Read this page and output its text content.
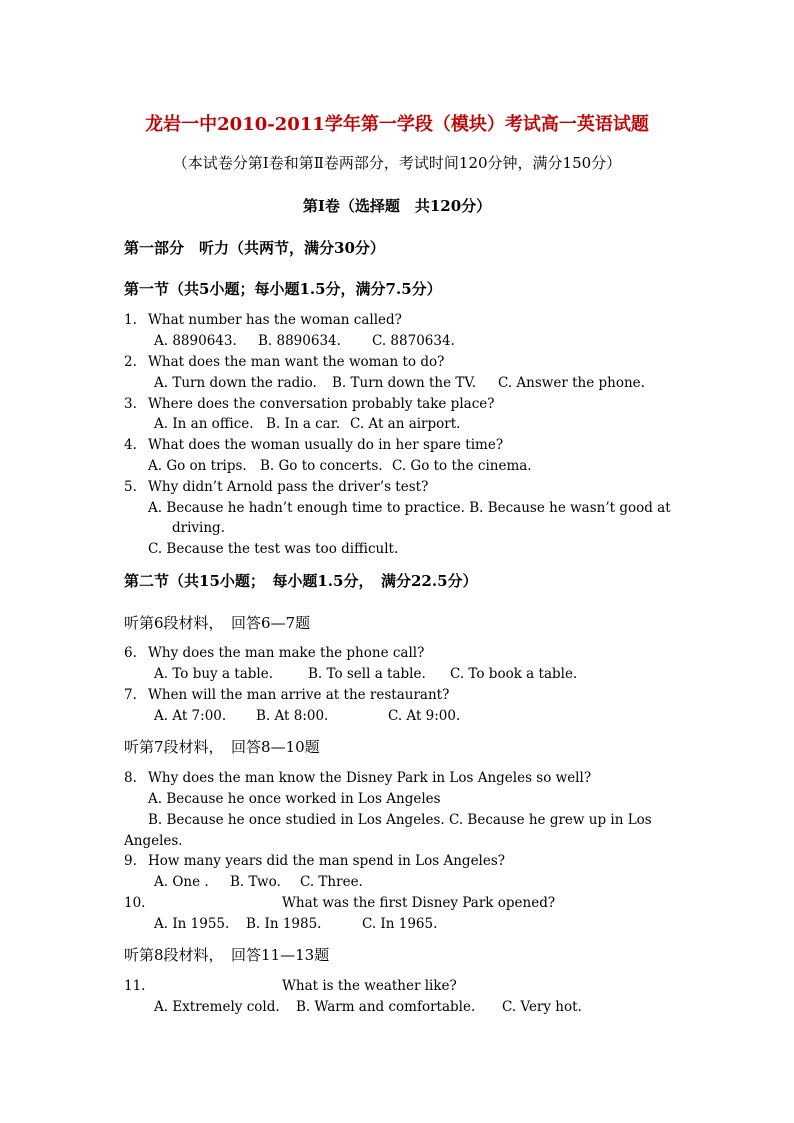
龙岩一中2010-2011学年第一学段（模块）考试高一英语试题
（本试卷分第Ⅰ卷和第Ⅱ卷两部分，考试时间120分钟，满分150分）
第Ⅰ卷（选择题　共120分）
第一部分　听力（共两节，满分30分）
第一节（共5小题；每小题1.5分，满分7.5分）
1. What number has the woman called?
A. 8890643. B. 8890634. C. 8870634.
2. What does the man want the woman to do?
A. Turn down the radio. B. Turn down the TV. C. Answer the phone.
3. Where does the conversation probably take place?
A. In an office. B. In a car. C. At an airport.
4. What does the woman usually do in her spare time?
A. Go on trips. B. Go to concerts. C. Go to the cinema.
5. Why didn’t Arnold pass the driver’s test?
A. Because he hadn’t enough time to practice. B. Because he wasn’t good at
driving.
C. Because the test was too difficult.
第二节（共15小题；　每小题1.5分，　满分22.5分）
听第6段材料，　回答6—7题
6. Why does the man make the phone call?
A. To buy a table.	B. To sell a table. C. To book a table.
7. When will the man arrive at the restaurant?
A. At 7:00. B. At 8:00.	C. At 9:00.
听第7段材料，　回答8—10题
8. Why does the man know the Disney Park in Los Angeles so well?
A. Because he once worked in Los Angeles
B. Because he once studied in Los Angeles. C. Because he grew up in Los
Angeles.
9. How many years did the man spend in Los Angeles?
A. One . B. Two. C. Three.
10.	What was the first Disney Park opened?
A. In 1955. B. In 1985.	C. In 1965.
听第8段材料，　回答11—13题
11.	What is the weather like?
A. Extremely cold. B. Warm and comfortable. C. Very hot.
